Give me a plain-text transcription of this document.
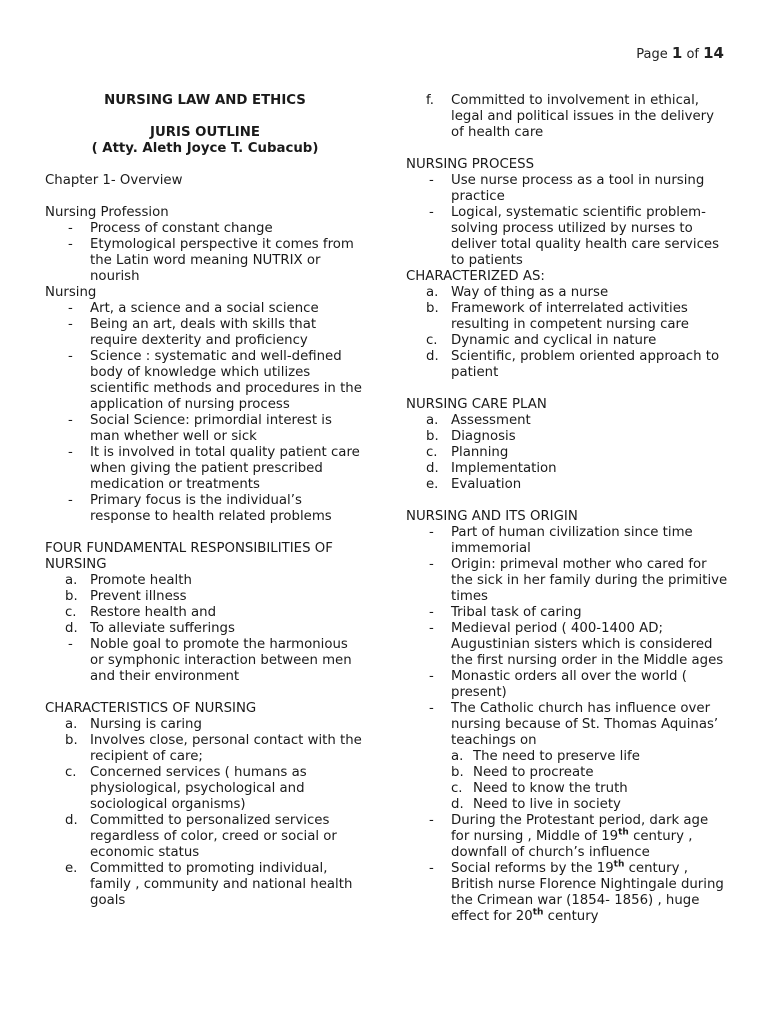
Page 1 of 14
NURSING LAW AND ETHICS
JURIS OUTLINE
( Atty. Aleth Joyce T. Cubacub)
Chapter 1- Overview
Nursing Profession
- Process of constant change
- Etymological perspective it comes from the Latin word meaning NUTRIX or nourish
Nursing
- Art, a science and a social science
- Being an art, deals with skills that require dexterity and proficiency
- Science : systematic and well-defined body of knowledge which utilizes scientific methods and procedures in the application of nursing process
- Social Science: primordial interest is man whether well or sick
- It is involved in total quality patient care when giving the patient prescribed medication or treatments
- Primary focus is the individual’s response to health related problems
FOUR FUNDAMENTAL RESPONSIBILITIES OF NURSING
a. Promote health
b. Prevent illness
c. Restore health and
d. To alleviate sufferings
- Noble goal to promote the harmonious or symphonic interaction between men and their environment
CHARACTERISTICS OF NURSING
a. Nursing is caring
b. Involves close, personal contact with the recipient of care;
c. Concerned services ( humans as physiological, psychological and sociological organisms)
d. Committed to personalized services regardless of color, creed or social or economic status
e. Committed to promoting individual, family , community and national health goals
f. Committed to involvement in ethical, legal and political issues in the delivery of health care
NURSING PROCESS
- Use nurse process as a tool in nursing practice
- Logical, systematic scientific problem-solving process utilized by nurses to deliver total quality health care services to patients
CHARACTERIZED AS:
a. Way of thing as a nurse
b. Framework of interrelated activities resulting in competent nursing care
c. Dynamic and cyclical in nature
d. Scientific, problem oriented approach to patient
NURSING CARE PLAN
a. Assessment
b. Diagnosis
c. Planning
d. Implementation
e. Evaluation
NURSING AND ITS ORIGIN
- Part of human civilization since time immemorial
- Origin: primeval mother who cared for the sick in her family during the primitive times
- Tribal task of caring
- Medieval period ( 400-1400 AD; Augustinian sisters which is considered the first nursing order in the Middle ages
- Monastic orders all over the world ( present)
- The Catholic church has influence over nursing because of St. Thomas Aquinas’ teachings on
a. The need to preserve life
b. Need to procreate
c. Need to know the truth
d. Need to live in society
- During the Protestant period, dark age for nursing , Middle of 19th century , downfall of church’s influence
- Social reforms by the 19th century , British nurse Florence Nightingale during the Crimean war (1854- 1856) , huge effect for 20th century
